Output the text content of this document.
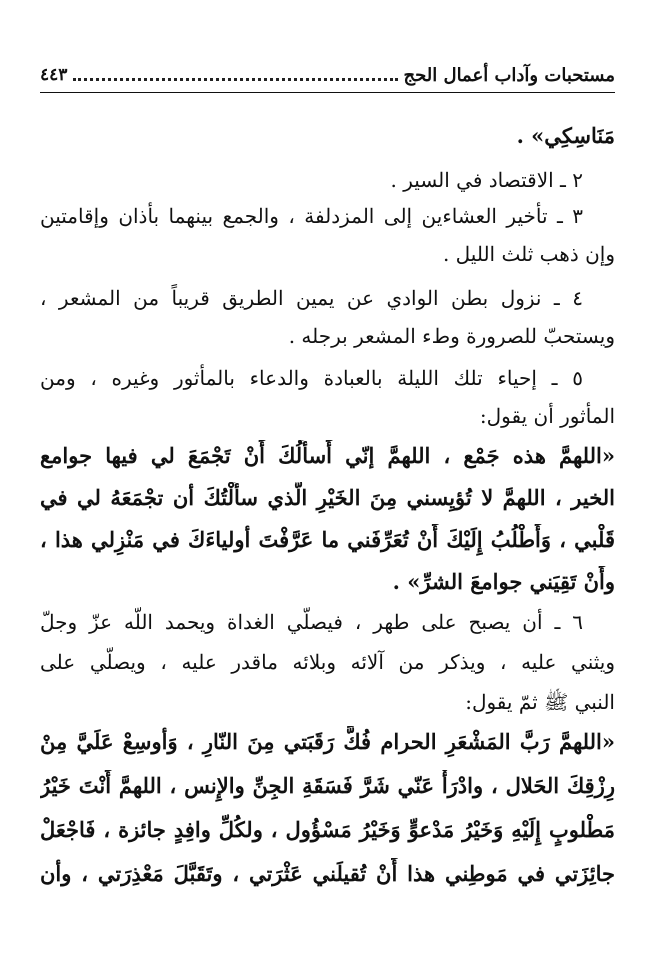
مستحبات وآداب أعمال الحج
٤٤٣
مَنَاسِكِي» .
٢ ـ الاقتصاد في السير .
٣ ـ تأخير العشاءين إلى المزدلفة ، والجمع بينهما بأذان وإقامتين
وإن ذهب ثلث الليل .
٤ ـ نزول بطن الوادي عن يمين الطريق قريباً من المشعر ،
ويستحبّ للصرورة وطء المشعر برجله .
٥ ـ إحياء تلك الليلة بالعبادة والدعاء بالمأثور وغيره ، ومن
المأثور أن يقول:
«اللهمَّ هذه جَمْع ، اللهمَّ إنّي أَسأَلُكَ أَنْ تَجْمَعَ لي فيها جوامع
الخير ، اللهمَّ لا تُؤيِسني مِنَ الخَيْرِ الَّذي سأَلْتُكَ أن تجْمَعَهُ لي في
قَلْبي ، وَأَطْلُبُ إِلَيْكَ أَنْ تُعَرِّفَني ما عَرَّفْتَ أولياءَكَ في مَنْزِلي هذا ،
وأَنْ تَقِيَني جوامعَ الشرِّ» .
٦ ـ أن يصبح على طهر ، فيصلّي الغداة ويحمد اللّه عزّ وجلّ
ويثني عليه ، ويذكر من آلائه وبلائه ماقدر عليه ، ويصلّي على
النبي ﷺ ثمّ يقول:
«اللهمَّ رَبَّ المَشْعَرِ الحرام فُكَّ رَقَبَتي مِنَ النّارِ ، وَأوسِعْ عَلَيَّ مِنْ
رِزْقِكَ الحَلال ، وادْرَأْ عَنّي شَرَّ فَسَقَةِ الجِنِّ والإِنس ، اللهمَّ أَنْتَ خَيْرُ
مَطْلوبٍ إِلَيْهِ وَخَيْرُ مَدْعوٍّ وَخَيْرُ مَسْؤُول ، ولكُلِّ وافِدٍ جائزة ، فَاجْعَلْ
جائِزَتي في مَوطِني هذا أَنْ تُقيلَني عَثْرَتي ، وتَقَبَّلَ مَعْذِرَتي ، وأن
